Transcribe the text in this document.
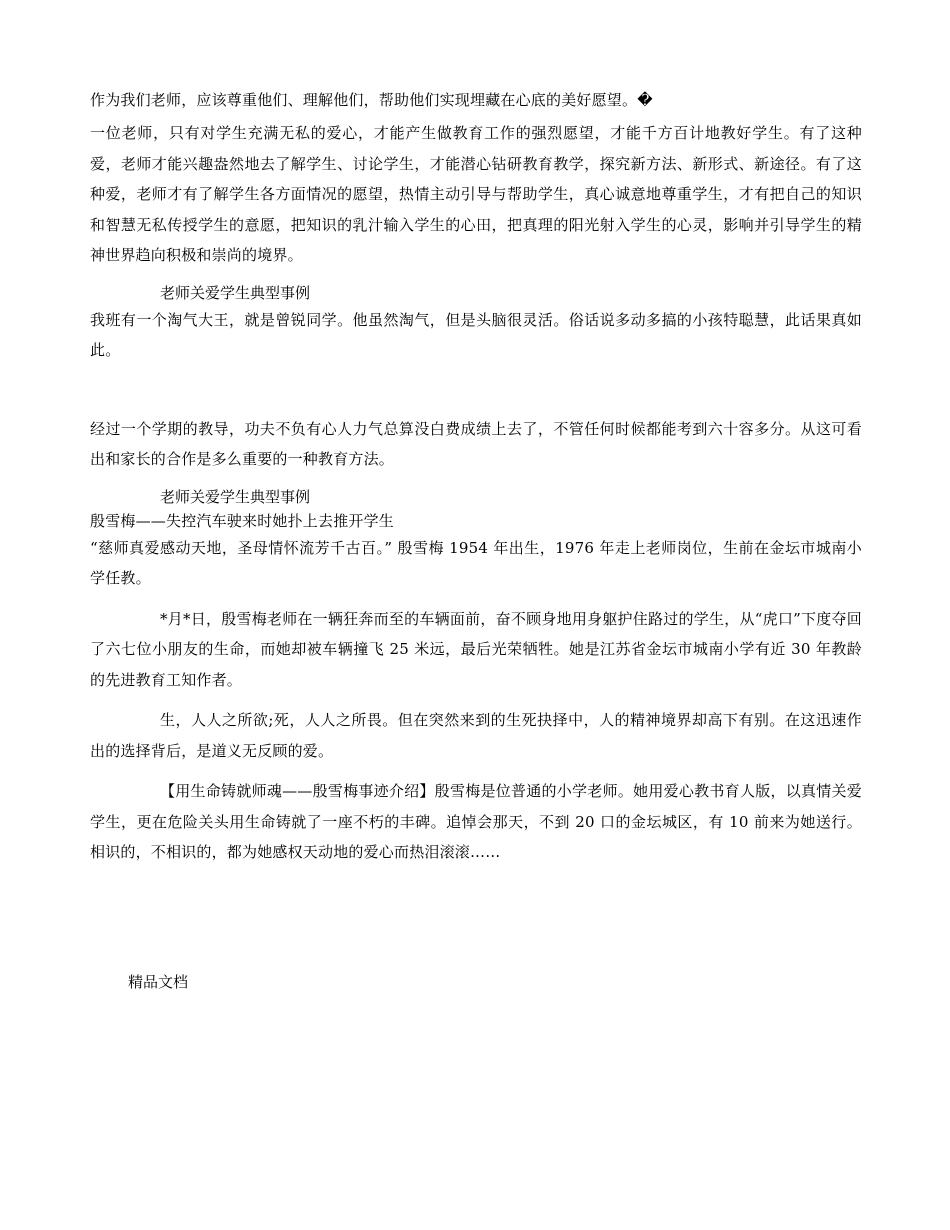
作为我们老师，应该尊重他们、理解他们，帮助他们实现埋藏在心底的美好愿望。�

一位老师，只有对学生充满无私的爱心，才能产生做教育工作的强烈愿望，才能千方百计地教好学生。有了这种爱，老师才能兴趣盎然地去了解学生、讨论学生，才能潜心钻研教育教学，探究新方法、新形式、新途径。有了这种爱，老师才有了解学生各方面情况的愿望，热情主动引导与帮助学生，真心诚意地尊重学生，才有把自己的知识和智慧无私传授学生的意愿，把知识的乳汁输入学生的心田，把真理的阳光射入学生的心灵，影响并引导学生的精神世界趋向积极和崇尚的境界。

老师关爱学生典型事例

我班有一个淘气大王，就是曾锐同学。他虽然淘气，但是头脑很灵活。俗话说多动多搞的小孩特聪慧，此话果真如此。

经过一个学期的教导，功夫不负有心人力气总算没白费成绩上去了，不管任何时候都能考到六十容多分。从这可看出和家长的合作是多么重要的一种教育方法。

老师关爱学生典型事例

殷雪梅——失控汽车驶来时她扑上去推开学生

“慈师真爱感动天地，圣母情怀流芳千古百。” 殷雪梅 1954 年出生，1976 年走上老师岗位，生前在金坛市城南小学任教。

*月*日，殷雪梅老师在一辆狂奔而至的车辆面前，奋不顾身地用身躯护住路过的学生，从“虎口”下度夺回了六七位小朋友的生命，而她却被车辆撞飞 25 米远，最后光荣牺牲。她是江苏省金坛市城南小学有近 30 年教龄的先进教育工知作者。

生，人人之所欲;死，人人之所畏。但在突然来到的生死抉择中，人的精神境界却高下有别。在这迅速作出的选择背后，是道义无反顾的爱。

【用生命铸就师魂——殷雪梅事迹介绍】殷雪梅是位普通的小学老师。她用爱心教书育人版，以真情关爱学生，更在危险关头用生命铸就了一座不朽的丰碑。追悼会那天，不到 20 口的金坛城区，有 10 前来为她送行。相识的，不相识的，都为她感权天动地的爱心而热泪滚滚……

精品文档
